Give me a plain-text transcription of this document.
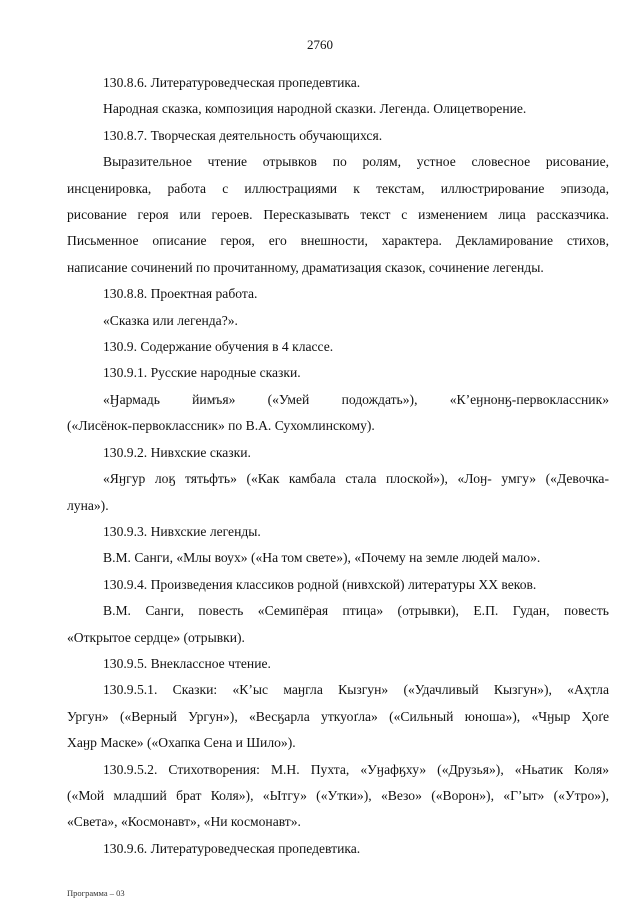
2760
130.8.6. Литературоведческая пропедевтика.
Народная сказка, композиция народной сказки. Легенда. Олицетворение.
130.8.7. Творческая деятельность обучающихся.
Выразительное чтение отрывков по ролям, устное словесное рисование,
инсценировка, работа с иллюстрациями к текстам, иллюстрирование эпизода,
рисование героя или героев. Пересказывать текст с изменением лица рассказчика.
Письменное описание героя, его внешности, характера. Декламирование стихов,
написание сочинений по прочитанному, драматизация сказок, сочинение легенды.
130.8.8. Проектная работа.
«Сказка или легенда?».
130.9. Содержание обучения в 4 классе.
130.9.1. Русские народные сказки.
«Ӈармадь йимъя» («Умей подождать»), «К’еӈнонӄ-первоклассник»
(«Лисёнок-первоклассник» по В.А. Сухомлинскому).
130.9.2. Нивхские сказки.
«Яӈгур лоӄ тятьфть» («Как камбала стала плоской»), «Лоӈ- умгу» («Девочка-
луна»).
130.9.3. Нивхские легенды.
В.М. Санги, «Млы воух» («На том свете»), «Почему на земле людей мало».
130.9.4. Произведения классиков родной (нивхской) литературы XX веков.
В.М. Санги, повесть «Семипёрая птица» (отрывки), Е.П. Гудан, повесть
«Открытое сердце» (отрывки).
130.9.5. Внеклассное чтение.
130.9.5.1. Сказки: «К’ыс маӈгла Кызгун» («Удачливый Кызгун»), «Аҳтла
Ургун» («Верный Ургун»), «Весӄарла уткуоґла» («Сильный юноша»), «Чӈыр Ҳоґе
Хаӈр Маске» («Охапка Сена и Шило»).
130.9.5.2. Стихотворения: М.Н. Пухта, «Уӈафӄху» («Друзья»), «Ньатик Коля»
(«Мой младший брат Коля»), «Ытгу» («Утки»), «Везо» («Ворон»), «Г’ыт» («Утро»),
«Света», «Космонавт», «Ни космонавт».
130.9.6. Литературоведческая пропедевтика.
Программа – 03
